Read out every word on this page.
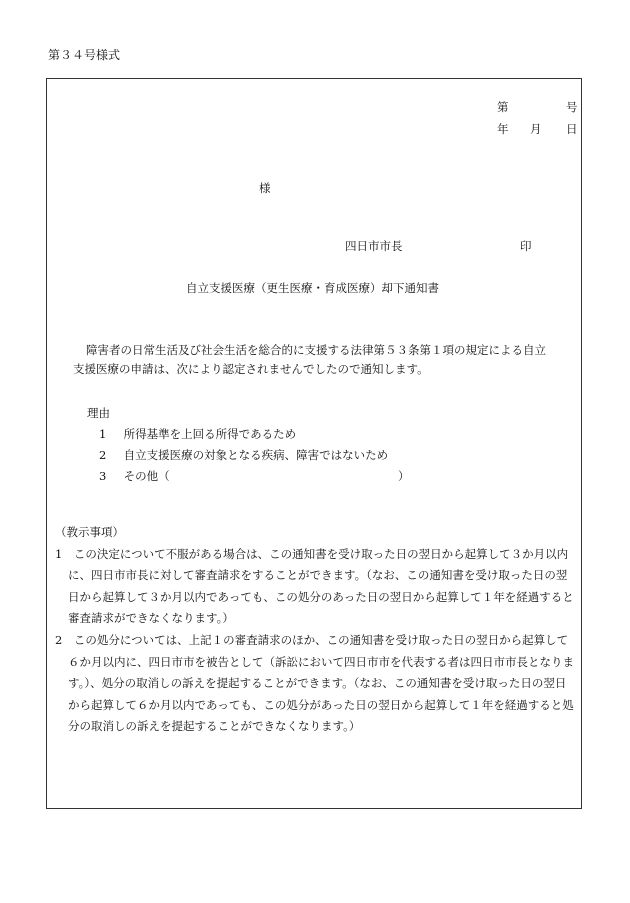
第３４号様式
第	号
年 月 日
様
四日市市長	印
自立支援医療（更生医療・育成医療）却下通知書
障害者の日常生活及び社会生活を総合的に支援する法律第５３条第１項の規定による自立
支援医療の申請は、次により認定されませんでしたので通知します。
理由
1 所得基準を上回る所得であるため
2 自立支援医療の対象となる疾病、障害ではないため
3 その他（	）
（教示事項）
1　この決定について不服がある場合は、この通知書を受け取った日の翌日から起算して３か月以内
に、四日市市長に対して審査請求をすることができます。（なお、この通知書を受け取った日の翌
日から起算して３か月以内であっても、この処分のあった日の翌日から起算して１年を経過すると
審査請求ができなくなります。）
2　この処分については、上記１の審査請求のほか、この通知書を受け取った日の翌日から起算して
６か月以内に、四日市市を被告として（訴訟において四日市市を代表する者は四日市市長となりま
す。）、処分の取消しの訴えを提起することができます。（なお、この通知書を受け取った日の翌日
から起算して６か月以内であっても、この処分があった日の翌日から起算して１年を経過すると処
分の取消しの訴えを提起することができなくなります。）
